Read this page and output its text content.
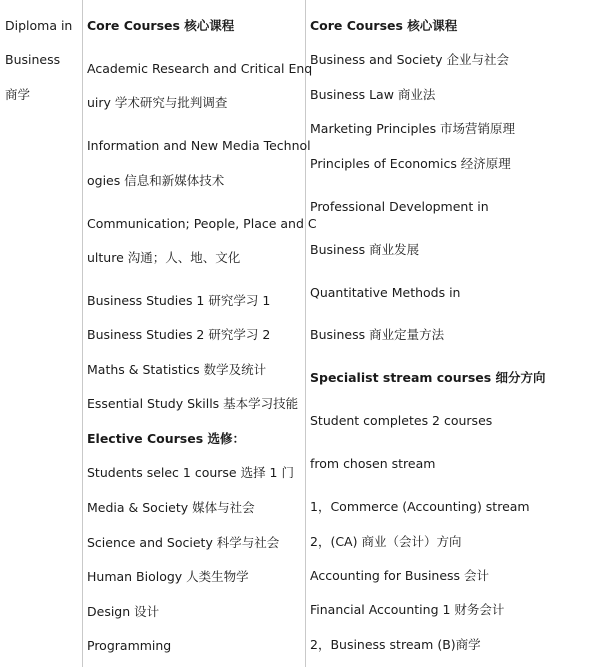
Diploma in
Business
商学
Core Courses 核心课程
Academic Research and Critical Enq
uiry 学术研究与批判调查
Information and New Media Technol
ogies 信息和新媒体技术
Communication; People, Place and C
ulture 沟通；人、地、文化
Business Studies 1 研究学习 1
Business Studies 2 研究学习 2
Maths & Statistics 数学及统计
Essential Study Skills 基本学习技能
Elective Courses 选修：
Students selec 1 course 选择 1 门
Media & Society 媒体与社会
Science and Society 科学与社会
Human Biology 人类生物学
Design 设计
Programming
Core Courses 核心课程
Business and Society 企业与社会
Business Law 商业法
Marketing Principles 市场营销原理
Principles of Economics 经济原理
Professional Development in
Business 商业发展
Quantitative Methods in
Business 商业定量方法
Specialist stream courses 细分方向
Student completes 2 courses
from chosen stream
1，Commerce (Accounting) stream
2，(CA) 商业（会计）方向
Accounting for Business 会计
Financial Accounting 1 财务会计
2，Business stream (B)商学
